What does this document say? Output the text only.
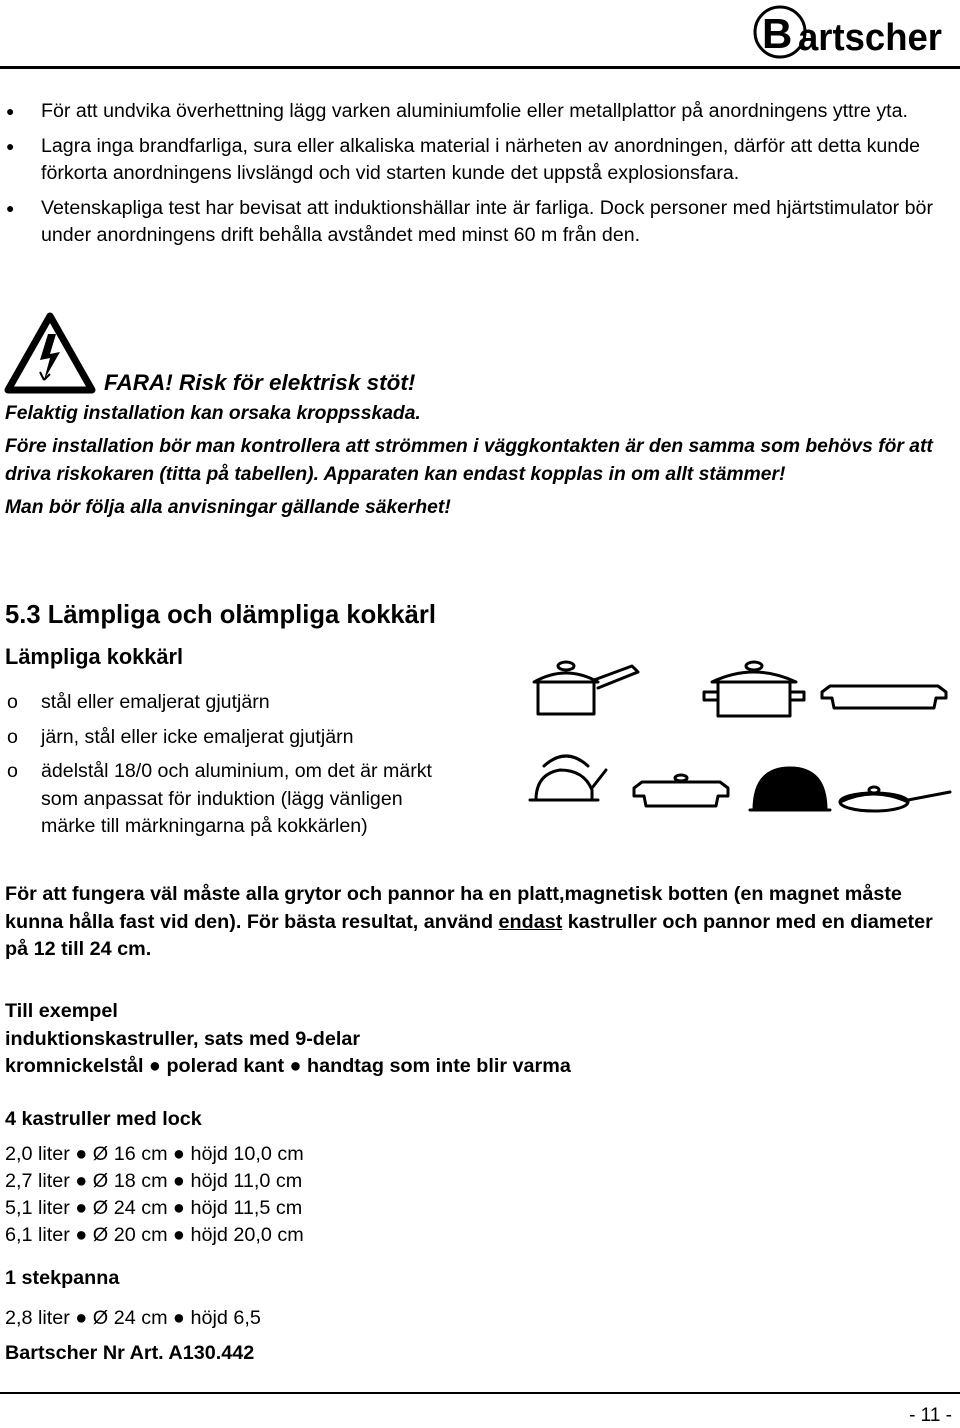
B artscher
● För att undvika överhettning lägg varken aluminiumfolie eller metallplattor på anordningens yttre yta.
● Lagra inga brandfarliga, sura eller alkaliska material i närheten av anordningen, därför att detta kunde förkorta anordningens livslängd och vid starten kunde det uppstå explosionsfara.
● Vetenskapliga test har bevisat att induktionshällar inte är farliga. Dock personer med hjärtstimulator bör under anordningens drift behålla avståndet med minst 60 m från den.
FARA! Risk för elektrisk stöt!

Felaktig installation kan orsaka kroppsskada.

Före installation bör man kontrollera att strömmen i väggkontakten är den samma som behövs för att driva riskokaren (titta på tabellen). Apparaten kan endast kopplas in om allt stämmer!

Man bör följa alla anvisningar gällande säkerhet!

5.3 Lämpliga och olämpliga kokkärl
Lämpliga kokkärl
o stål eller emaljerat gjutjärn
o järn, stål eller icke emaljerat gjutjärn
o ädelstål 18/0 och aluminium, om det är märkt som anpassat för induktion (lägg vänligen märke till märkningarna på kokkärlen)
För att fungera väl måste alla grytor och pannor ha en platt,magnetisk botten (en magnet måste kunna hålla fast vid den). För bästa resultat, använd endast kastruller och pannor med en diameter på 12 till 24 cm.
Till exempel
induktionskastruller, sats med 9-delar
kromnickelstål ● polerad kant ● handtag som inte blir varma
4 kastruller med lock
2,0 liter ● Ø 16 cm ● höjd 10,0 cm
2,7 liter ● Ø 18 cm ● höjd 11,0 cm
5,1 liter ● Ø 24 cm ● höjd 11,5 cm
6,1 liter ● Ø 20 cm ● höjd 20,0 cm
1 stekpanna
2,8 liter ● Ø 24 cm ● höjd 6,5
Bartscher Nr Art. A130.442
- 11 -
